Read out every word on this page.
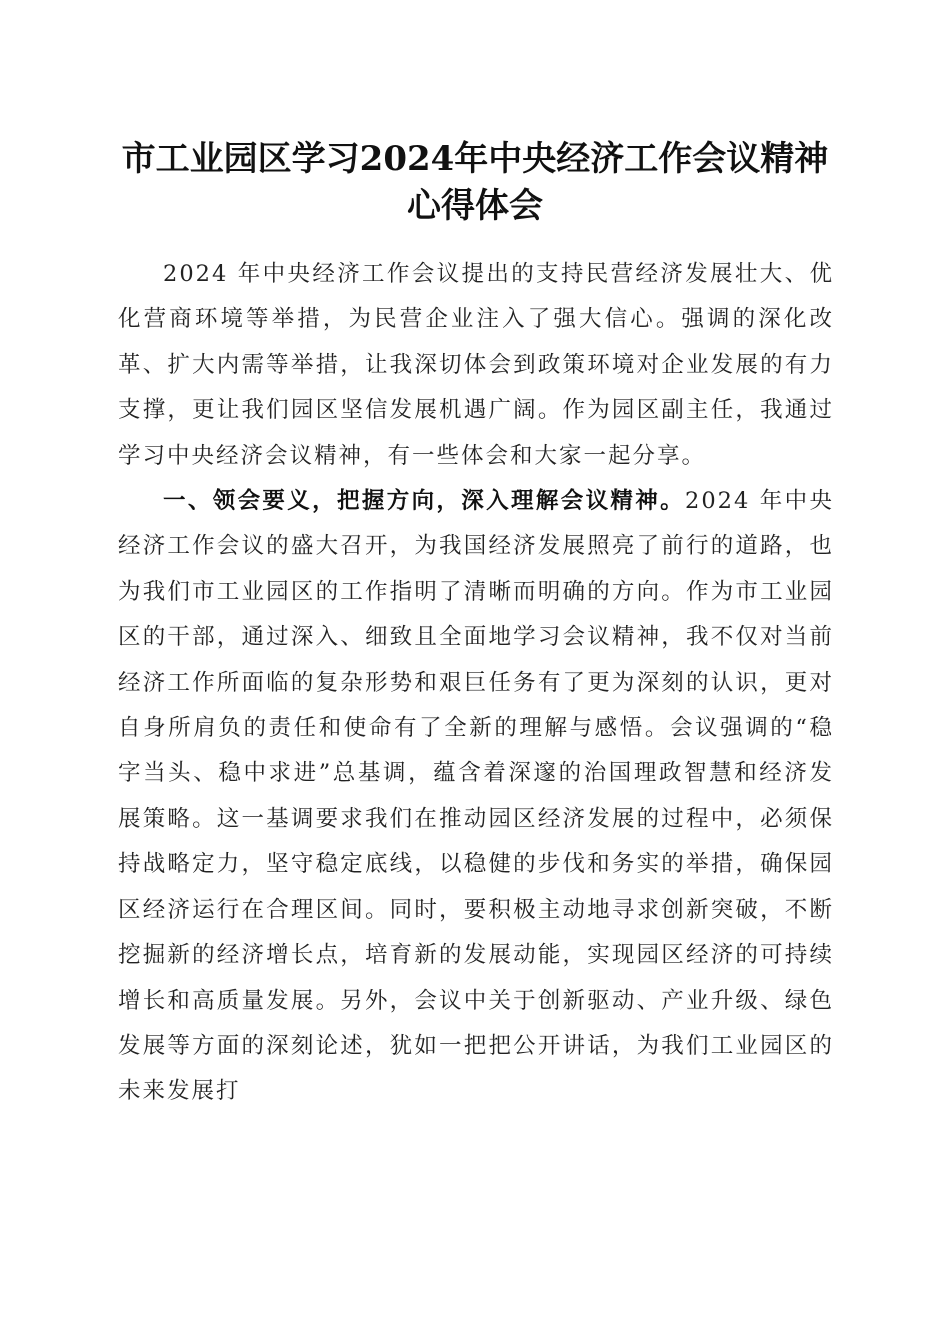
市工业园区学习2024年中央经济工作会议精神心得体会

2024 年中央经济工作会议提出的支持民营经济发展壮大、优化营商环境等举措，为民营企业注入了强大信心。强调的深化改革、扩大内需等举措，让我深切体会到政策环境对企业发展的有力支撑，更让我们园区坚信发展机遇广阔。作为园区副主任，我通过学习中央经济会议精神，有一些体会和大家一起分享。

一、领会要义，把握方向，深入理解会议精神。2024 年中央经济工作会议的盛大召开，为我国经济发展照亮了前行的道路，也为我们市工业园区的工作指明了清晰而明确的方向。作为市工业园区的干部，通过深入、细致且全面地学习会议精神，我不仅对当前经济工作所面临的复杂形势和艰巨任务有了更为深刻的认识，更对自身所肩负的责任和使命有了全新的理解与感悟。会议强调的“稳字当头、稳中求进”总基调，蕴含着深邃的治国理政智慧和经济发展策略。这一基调要求我们在推动园区经济发展的过程中，必须保持战略定力，坚守稳定底线，以稳健的步伐和务实的举措，确保园区经济运行在合理区间。同时，要积极主动地寻求创新突破，不断挖掘新的经济增长点，培育新的发展动能，实现园区经济的可持续增长和高质量发展。另外，会议中关于创新驱动、产业升级、绿色发展等方面的深刻论述，犹如一把把公开讲话，为我们工业园区的未来发展打
